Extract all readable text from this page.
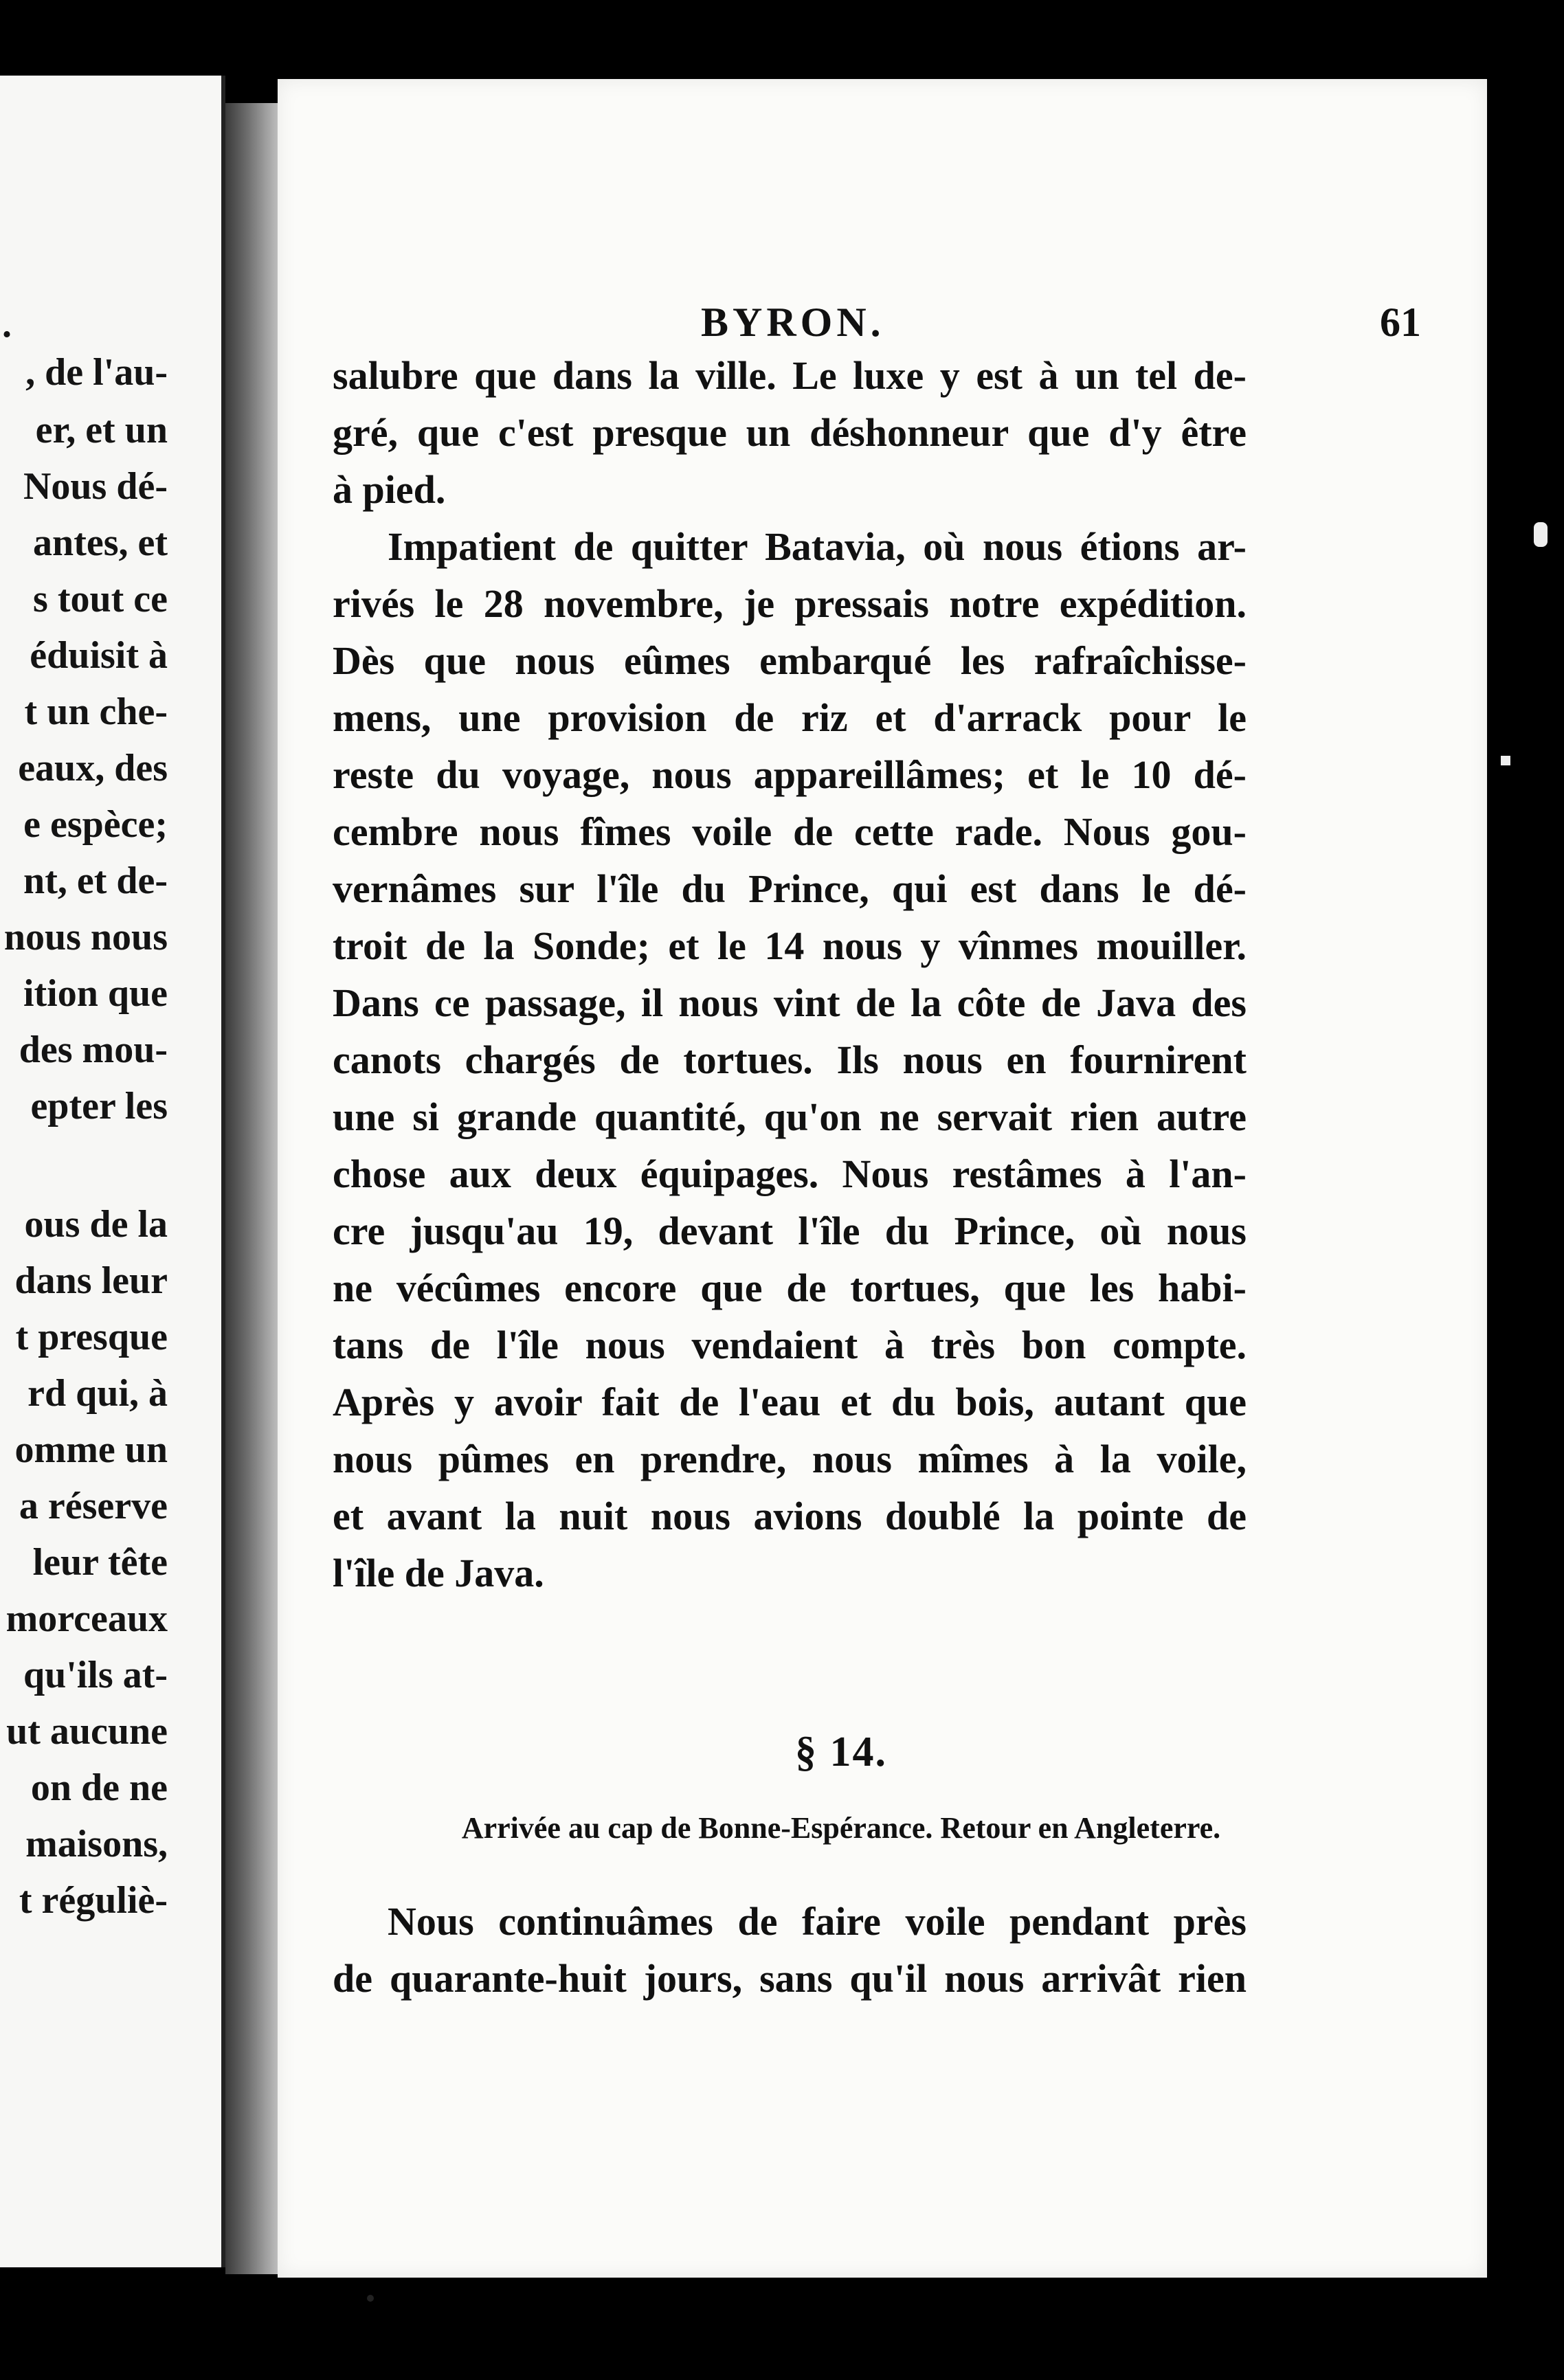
.
, de l'au-
er, et un
Nous dé-
antes, et
s tout ce
éduisit à
t un che-
eaux, des
e espèce;
nt, et de-
nous nous
ition que
des mou-
epter les
ous de la
dans leur
t presque
rd qui, à
omme un
a réserve
leur tête
morceaux
qu'ils at-
ut aucune
on de ne
maisons,
t réguliè-
BYRON.	61
salubre que dans la ville. Le luxe y est à un tel de-
gré, que c'est presque un déshonneur que d'y être
à pied.
Impatient de quitter Batavia, où nous étions ar-
rivés le 28 novembre, je pressais notre expédition.
Dès que nous eûmes embarqué les rafraîchisse-
mens, une provision de riz et d'arrack pour le
reste du voyage, nous appareillâmes; et le 10 dé-
cembre nous fîmes voile de cette rade. Nous gou-
vernâmes sur l'île du Prince, qui est dans le dé-
troit de la Sonde; et le 14 nous y vînmes mouiller.
Dans ce passage, il nous vint de la côte de Java des
canots chargés de tortues. Ils nous en fournirent
une si grande quantité, qu'on ne servait rien autre
chose aux deux équipages. Nous restâmes à l'an-
cre jusqu'au 19, devant l'île du Prince, où nous
ne vécûmes encore que de tortues, que les habi-
tans de l'île nous vendaient à très bon compte.
Après y avoir fait de l'eau et du bois, autant que
nous pûmes en prendre, nous mîmes à la voile,
et avant la nuit nous avions doublé la pointe de
l'île de Java.
§ 14.
Arrivée au cap de Bonne-Espérance. Retour en Angleterre.
Nous continuâmes de faire voile pendant près
de quarante-huit jours, sans qu'il nous arrivât rien
